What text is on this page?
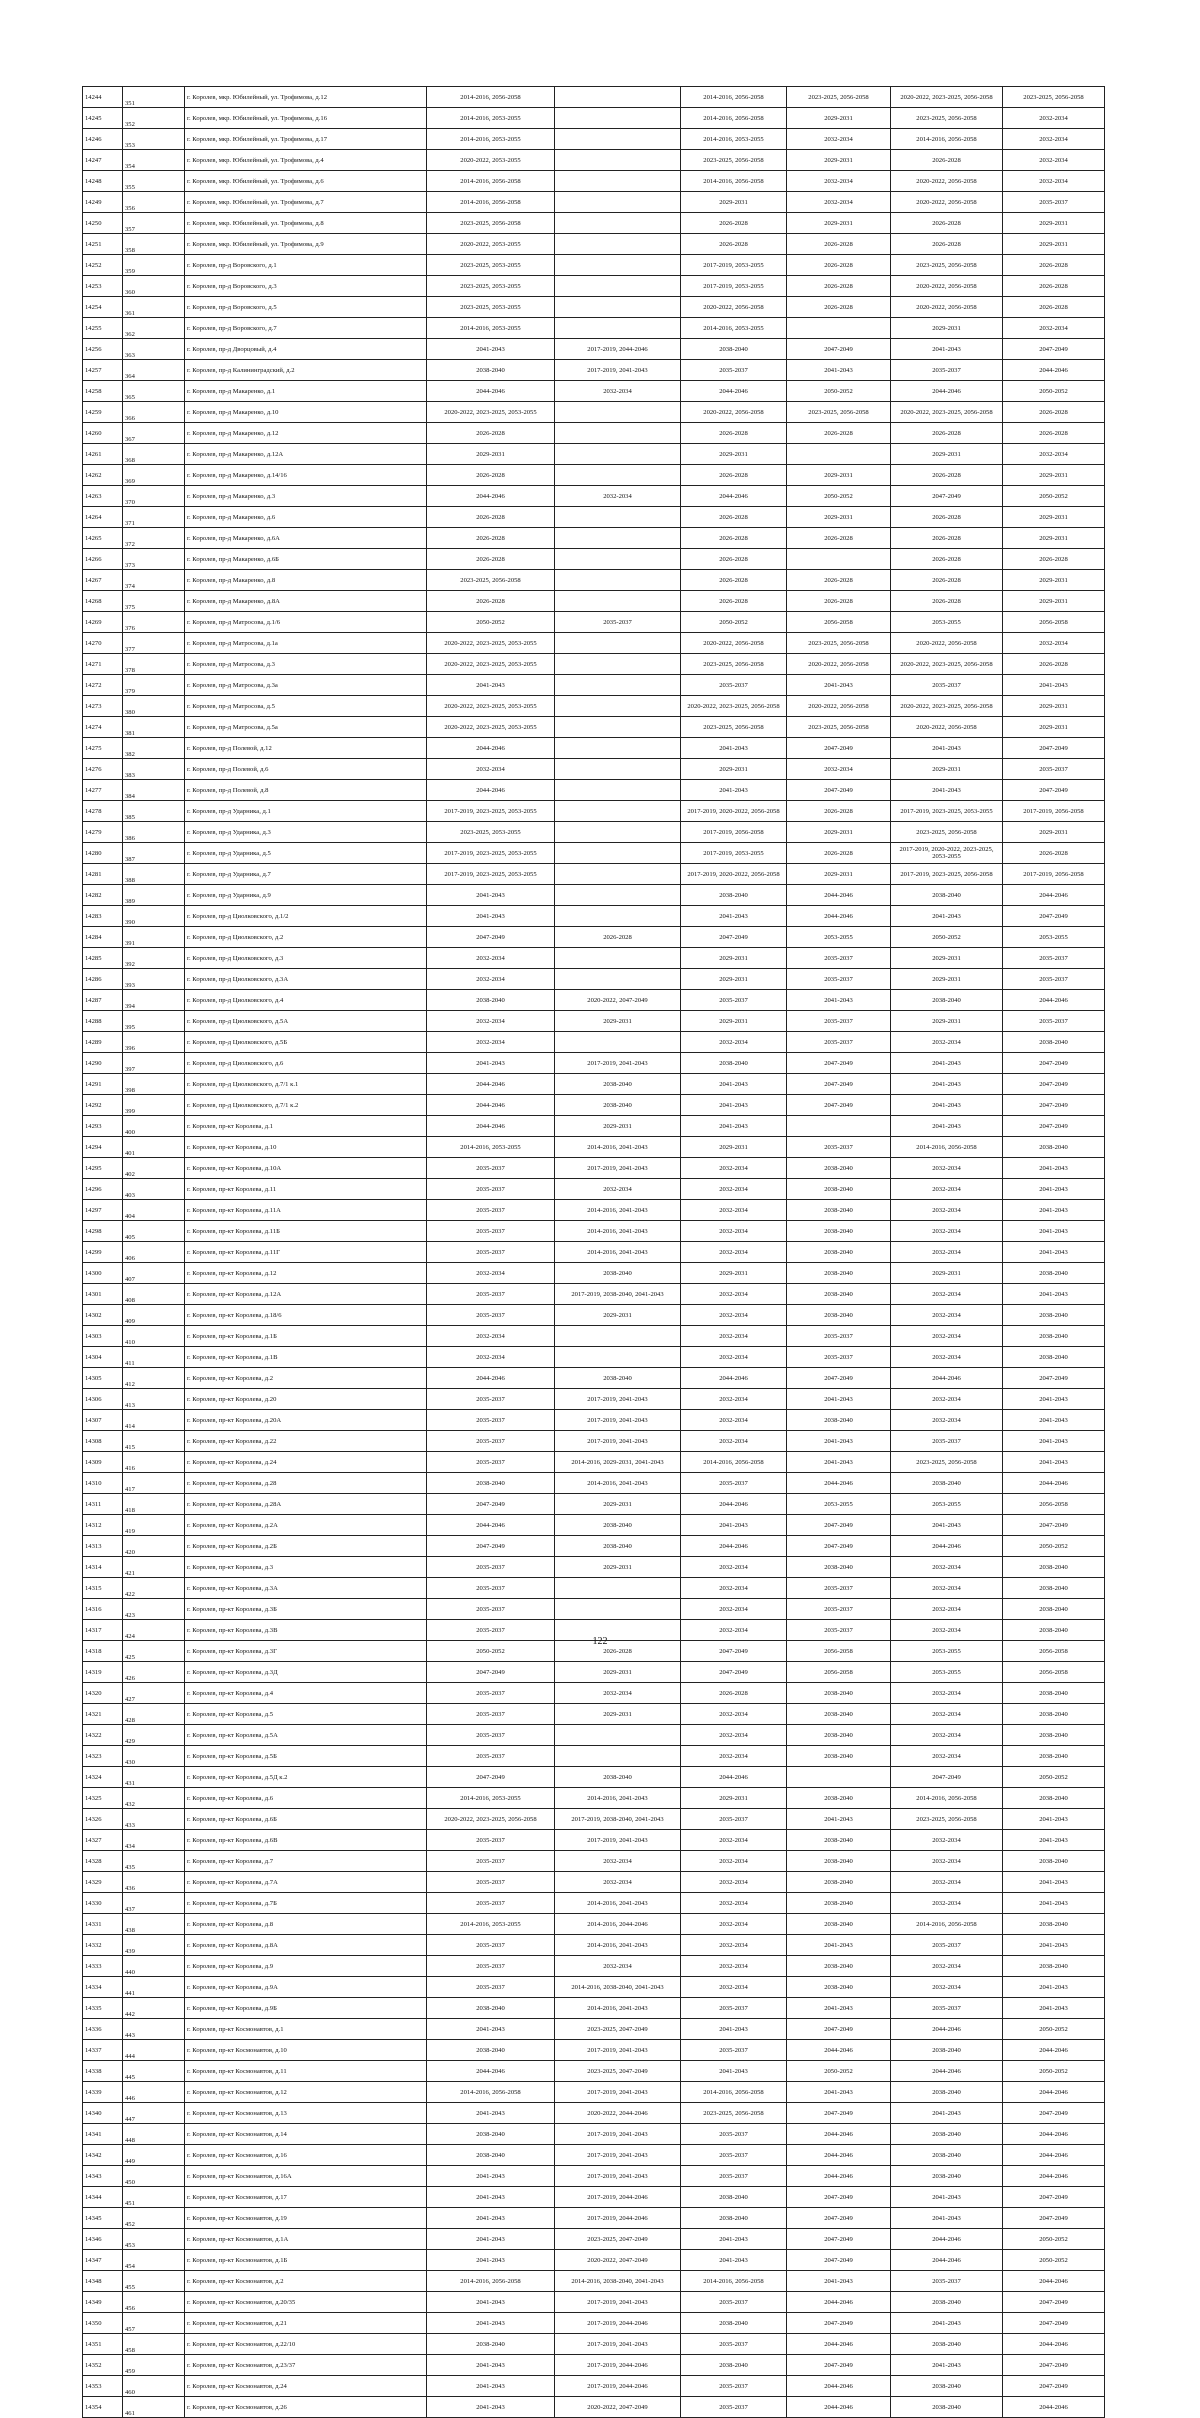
14244	351	г. Королев, мкр. Юбилейный, ул. Трофимова, д.12	2014-2016, 2056-2058		2014-2016, 2056-2058	2023-2025, 2056-2058	2020-2022, 2023-2025, 2056-2058	2023-2025, 2056-2058
14245	352	г. Королев, мкр. Юбилейный, ул. Трофимова, д.16	2014-2016, 2053-2055		2014-2016, 2056-2058	2029-2031	2023-2025, 2056-2058	2032-2034
14246	353	г. Королев, мкр. Юбилейный, ул. Трофимова, д.17	2014-2016, 2053-2055		2014-2016, 2053-2055	2032-2034	2014-2016, 2056-2058	2032-2034
14247	354	г. Королев, мкр. Юбилейный, ул. Трофимова, д.4	2020-2022, 2053-2055		2023-2025, 2056-2058	2029-2031	2026-2028	2032-2034
14248	355	г. Королев, мкр. Юбилейный, ул. Трофимова, д.6	2014-2016, 2056-2058		2014-2016, 2056-2058	2032-2034	2020-2022, 2056-2058	2032-2034
14249	356	г. Королев, мкр. Юбилейный, ул. Трофимова, д.7	2014-2016, 2056-2058		2029-2031	2032-2034	2020-2022, 2056-2058	2035-2037
14250	357	г. Королев, мкр. Юбилейный, ул. Трофимова, д.8	2023-2025, 2056-2058		2026-2028	2029-2031	2026-2028	2029-2031
14251	358	г. Королев, мкр. Юбилейный, ул. Трофимова, д.9	2020-2022, 2053-2055		2026-2028	2026-2028	2026-2028	2029-2031
14252	359	г. Королев, пр-д Воровского, д.1	2023-2025, 2053-2055		2017-2019, 2053-2055	2026-2028	2023-2025, 2056-2058	2026-2028
14253	360	г. Королев, пр-д Воровского, д.3	2023-2025, 2053-2055		2017-2019, 2053-2055	2026-2028	2020-2022, 2056-2058	2026-2028
14254	361	г. Королев, пр-д Воровского, д.5	2023-2025, 2053-2055		2020-2022, 2056-2058	2026-2028	2020-2022, 2056-2058	2026-2028
14255	362	г. Королев, пр-д Воровского, д.7	2014-2016, 2053-2055		2014-2016, 2053-2055		2029-2031	2032-2034
14256	363	г. Королев, пр-д Дворцовый, д.4	2041-2043	2017-2019, 2044-2046	2038-2040	2047-2049	2041-2043	2047-2049
14257	364	г. Королев, пр-д Калининградский, д.2	2038-2040	2017-2019, 2041-2043	2035-2037	2041-2043	2035-2037	2044-2046
14258	365	г. Королев, пр-д Макаренко, д.1	2044-2046	2032-2034	2044-2046	2050-2052	2044-2046	2050-2052
14259	366	г. Королев, пр-д Макаренко, д.10	2020-2022, 2023-2025, 2053-2055		2020-2022, 2056-2058	2023-2025, 2056-2058	2020-2022, 2023-2025, 2056-2058	2026-2028
14260	367	г. Королев, пр-д Макаренко, д.12	2026-2028		2026-2028	2026-2028	2026-2028	2026-2028
14261	368	г. Королев, пр-д Макаренко, д.12А	2029-2031		2029-2031		2029-2031	2032-2034
14262	369	г. Королев, пр-д Макаренко, д.14/16	2026-2028		2026-2028	2029-2031	2026-2028	2029-2031
14263	370	г. Королев, пр-д Макаренко, д.3	2044-2046	2032-2034	2044-2046	2050-2052	2047-2049	2050-2052
14264	371	г. Королев, пр-д Макаренко, д.6	2026-2028		2026-2028	2029-2031	2026-2028	2029-2031
14265	372	г. Королев, пр-д Макаренко, д.6А	2026-2028		2026-2028	2026-2028	2026-2028	2029-2031
14266	373	г. Королев, пр-д Макаренко, д.6Б	2026-2028		2026-2028		2026-2028	2026-2028
14267	374	г. Королев, пр-д Макаренко, д.8	2023-2025, 2056-2058		2026-2028	2026-2028	2026-2028	2029-2031
14268	375	г. Королев, пр-д Макаренко, д.8А	2026-2028		2026-2028	2026-2028	2026-2028	2029-2031
14269	376	г. Королев, пр-д Матросова, д.1/6	2050-2052	2035-2037	2050-2052	2056-2058	2053-2055	2056-2058
14270	377	г. Королев, пр-д Матросова, д.1а	2020-2022, 2023-2025, 2053-2055		2020-2022, 2056-2058	2023-2025, 2056-2058	2020-2022, 2056-2058	2032-2034
14271	378	г. Королев, пр-д Матросова, д.3	2020-2022, 2023-2025, 2053-2055		2023-2025, 2056-2058	2020-2022, 2056-2058	2020-2022, 2023-2025, 2056-2058	2026-2028
14272	379	г. Королев, пр-д Матросова, д.3а	2041-2043		2035-2037	2041-2043	2035-2037	2041-2043
14273	380	г. Королев, пр-д Матросова, д.5	2020-2022, 2023-2025, 2053-2055		2020-2022, 2023-2025, 2056-2058	2020-2022, 2056-2058	2020-2022, 2023-2025, 2056-2058	2029-2031
14274	381	г. Королев, пр-д Матросова, д.5а	2020-2022, 2023-2025, 2053-2055		2023-2025, 2056-2058	2023-2025, 2056-2058	2020-2022, 2056-2058	2029-2031
14275	382	г. Королев, пр-д Полевой, д.12	2044-2046		2041-2043	2047-2049	2041-2043	2047-2049
14276	383	г. Королев, пр-д Полевой, д.6	2032-2034		2029-2031	2032-2034	2029-2031	2035-2037
14277	384	г. Королев, пр-д Полевой, д.8	2044-2046		2041-2043	2047-2049	2041-2043	2047-2049
14278	385	г. Королев, пр-д Ударника, д.1	2017-2019, 2023-2025, 2053-2055		2017-2019, 2020-2022, 2056-2058	2026-2028	2017-2019, 2023-2025, 2053-2055	2017-2019, 2056-2058
14279	386	г. Королев, пр-д Ударника, д.3	2023-2025, 2053-2055		2017-2019, 2056-2058	2029-2031	2023-2025, 2056-2058	2029-2031
14280	387	г. Королев, пр-д Ударника, д.5	2017-2019, 2023-2025, 2053-2055		2017-2019, 2053-2055	2026-2028	2017-2019, 2020-2022, 2023-2025, 2053-2055	2026-2028
14281	388	г. Королев, пр-д Ударника, д.7	2017-2019, 2023-2025, 2053-2055		2017-2019, 2020-2022, 2056-2058	2029-2031	2017-2019, 2023-2025, 2056-2058	2017-2019, 2056-2058
14282	389	г. Королев, пр-д Ударника, д.9	2041-2043		2038-2040	2044-2046	2038-2040	2044-2046
14283	390	г. Королев, пр-д Циолковского, д.1/2	2041-2043		2041-2043	2044-2046	2041-2043	2047-2049
14284	391	г. Королев, пр-д Циолковского, д.2	2047-2049	2026-2028	2047-2049	2053-2055	2050-2052	2053-2055
14285	392	г. Королев, пр-д Циолковского, д.3	2032-2034		2029-2031	2035-2037	2029-2031	2035-2037
14286	393	г. Королев, пр-д Циолковского, д.3А	2032-2034		2029-2031	2035-2037	2029-2031	2035-2037
14287	394	г. Королев, пр-д Циолковского, д.4	2038-2040	2020-2022, 2047-2049	2035-2037	2041-2043	2038-2040	2044-2046
14288	395	г. Королев, пр-д Циолковского, д.5А	2032-2034	2029-2031	2029-2031	2035-2037	2029-2031	2035-2037
14289	396	г. Королев, пр-д Циолковского, д.5Б	2032-2034		2032-2034	2035-2037	2032-2034	2038-2040
14290	397	г. Королев, пр-д Циолковского, д.6	2041-2043	2017-2019, 2041-2043	2038-2040	2047-2049	2041-2043	2047-2049
14291	398	г. Королев, пр-д Циолковского, д.7/1 к.1	2044-2046	2038-2040	2041-2043	2047-2049	2041-2043	2047-2049
14292	399	г. Королев, пр-д Циолковского, д.7/1 к.2	2044-2046	2038-2040	2041-2043	2047-2049	2041-2043	2047-2049
14293	400	г. Королев, пр-кт Королева, д.1	2044-2046	2029-2031	2041-2043		2041-2043	2047-2049
14294	401	г. Королев, пр-кт Королева, д.10	2014-2016, 2053-2055	2014-2016, 2041-2043	2029-2031	2035-2037	2014-2016, 2056-2058	2038-2040
14295	402	г. Королев, пр-кт Королева, д.10А	2035-2037	2017-2019, 2041-2043	2032-2034	2038-2040	2032-2034	2041-2043
14296	403	г. Королев, пр-кт Королева, д.11	2035-2037	2032-2034	2032-2034	2038-2040	2032-2034	2041-2043
14297	404	г. Королев, пр-кт Королева, д.11А	2035-2037	2014-2016, 2041-2043	2032-2034	2038-2040	2032-2034	2041-2043
14298	405	г. Королев, пр-кт Королева, д.11Б	2035-2037	2014-2016, 2041-2043	2032-2034	2038-2040	2032-2034	2041-2043
14299	406	г. Королев, пр-кт Королева, д.11Г	2035-2037	2014-2016, 2041-2043	2032-2034	2038-2040	2032-2034	2041-2043
14300	407	г. Королев, пр-кт Королева, д.12	2032-2034	2038-2040	2029-2031	2038-2040	2029-2031	2038-2040
14301	408	г. Королев, пр-кт Королева, д.12А	2035-2037	2017-2019, 2038-2040, 2041-2043	2032-2034	2038-2040	2032-2034	2041-2043
14302	409	г. Королев, пр-кт Королева, д.18/6	2035-2037	2029-2031	2032-2034	2038-2040	2032-2034	2038-2040
14303	410	г. Королев, пр-кт Королева, д.1Б	2032-2034		2032-2034	2035-2037	2032-2034	2038-2040
14304	411	г. Королев, пр-кт Королева, д.1В	2032-2034		2032-2034	2035-2037	2032-2034	2038-2040
14305	412	г. Королев, пр-кт Королева, д.2	2044-2046	2038-2040	2044-2046	2047-2049	2044-2046	2047-2049
14306	413	г. Королев, пр-кт Королева, д.20	2035-2037	2017-2019, 2041-2043	2032-2034	2041-2043	2032-2034	2041-2043
14307	414	г. Королев, пр-кт Королева, д.20А	2035-2037	2017-2019, 2041-2043	2032-2034	2038-2040	2032-2034	2041-2043
14308	415	г. Королев, пр-кт Королева, д.22	2035-2037	2017-2019, 2041-2043	2032-2034	2041-2043	2035-2037	2041-2043
14309	416	г. Королев, пр-кт Королева, д.24	2035-2037	2014-2016, 2029-2031, 2041-2043	2014-2016, 2056-2058	2041-2043	2023-2025, 2056-2058	2041-2043
14310	417	г. Королев, пр-кт Королева, д.28	2038-2040	2014-2016, 2041-2043	2035-2037	2044-2046	2038-2040	2044-2046
14311	418	г. Королев, пр-кт Королева, д.28А	2047-2049	2029-2031	2044-2046	2053-2055	2053-2055	2056-2058
14312	419	г. Королев, пр-кт Королева, д.2А	2044-2046	2038-2040	2041-2043	2047-2049	2041-2043	2047-2049
14313	420	г. Королев, пр-кт Королева, д.2Б	2047-2049	2038-2040	2044-2046	2047-2049	2044-2046	2050-2052
14314	421	г. Королев, пр-кт Королева, д.3	2035-2037	2029-2031	2032-2034	2038-2040	2032-2034	2038-2040
14315	422	г. Королев, пр-кт Королева, д.3А	2035-2037		2032-2034	2035-2037	2032-2034	2038-2040
14316	423	г. Королев, пр-кт Королева, д.3Б	2035-2037		2032-2034	2035-2037	2032-2034	2038-2040
14317	424	г. Королев, пр-кт Королева, д.3В	2035-2037		2032-2034	2035-2037	2032-2034	2038-2040
14318	425	г. Королев, пр-кт Королева, д.3Г	2050-2052	2026-2028	2047-2049	2056-2058	2053-2055	2056-2058
14319	426	г. Королев, пр-кт Королева, д.3Д	2047-2049	2029-2031	2047-2049	2056-2058	2053-2055	2056-2058
14320	427	г. Королев, пр-кт Королева, д.4	2035-2037	2032-2034	2026-2028	2038-2040	2032-2034	2038-2040
14321	428	г. Королев, пр-кт Королева, д.5	2035-2037	2029-2031	2032-2034	2038-2040	2032-2034	2038-2040
14322	429	г. Королев, пр-кт Королева, д.5А	2035-2037		2032-2034	2038-2040	2032-2034	2038-2040
14323	430	г. Королев, пр-кт Королева, д.5Б	2035-2037		2032-2034	2038-2040	2032-2034	2038-2040
14324	431	г. Королев, пр-кт Королева, д.5Д к.2	2047-2049	2038-2040	2044-2046		2047-2049	2050-2052
14325	432	г. Королев, пр-кт Королева, д.6	2014-2016, 2053-2055	2014-2016, 2041-2043	2029-2031	2038-2040	2014-2016, 2056-2058	2038-2040
14326	433	г. Королев, пр-кт Королева, д.6Б	2020-2022, 2023-2025, 2056-2058	2017-2019, 2038-2040, 2041-2043	2035-2037	2041-2043	2023-2025, 2056-2058	2041-2043
14327	434	г. Королев, пр-кт Королева, д.6В	2035-2037	2017-2019, 2041-2043	2032-2034	2038-2040	2032-2034	2041-2043
14328	435	г. Королев, пр-кт Королева, д.7	2035-2037	2032-2034	2032-2034	2038-2040	2032-2034	2038-2040
14329	436	г. Королев, пр-кт Королева, д.7А	2035-2037	2032-2034	2032-2034	2038-2040	2032-2034	2041-2043
14330	437	г. Королев, пр-кт Королева, д.7Б	2035-2037	2014-2016, 2041-2043	2032-2034	2038-2040	2032-2034	2041-2043
14331	438	г. Королев, пр-кт Королева, д.8	2014-2016, 2053-2055	2014-2016, 2044-2046	2032-2034	2038-2040	2014-2016, 2056-2058	2038-2040
14332	439	г. Королев, пр-кт Королева, д.8А	2035-2037	2014-2016, 2041-2043	2032-2034	2041-2043	2035-2037	2041-2043
14333	440	г. Королев, пр-кт Королева, д.9	2035-2037	2032-2034	2032-2034	2038-2040	2032-2034	2038-2040
14334	441	г. Королев, пр-кт Королева, д.9А	2035-2037	2014-2016, 2038-2040, 2041-2043	2032-2034	2038-2040	2032-2034	2041-2043
14335	442	г. Королев, пр-кт Королева, д.9Б	2038-2040	2014-2016, 2041-2043	2035-2037	2041-2043	2035-2037	2041-2043
14336	443	г. Королев, пр-кт Космонавтов, д.1	2041-2043	2023-2025, 2047-2049	2041-2043	2047-2049	2044-2046	2050-2052
14337	444	г. Королев, пр-кт Космонавтов, д.10	2038-2040	2017-2019, 2041-2043	2035-2037	2044-2046	2038-2040	2044-2046
14338	445	г. Королев, пр-кт Космонавтов, д.11	2044-2046	2023-2025, 2047-2049	2041-2043	2050-2052	2044-2046	2050-2052
14339	446	г. Королев, пр-кт Космонавтов, д.12	2014-2016, 2056-2058	2017-2019, 2041-2043	2014-2016, 2056-2058	2041-2043	2038-2040	2044-2046
14340	447	г. Королев, пр-кт Космонавтов, д.13	2041-2043	2020-2022, 2044-2046	2023-2025, 2056-2058	2047-2049	2041-2043	2047-2049
14341	448	г. Королев, пр-кт Космонавтов, д.14	2038-2040	2017-2019, 2041-2043	2035-2037	2044-2046	2038-2040	2044-2046
14342	449	г. Королев, пр-кт Космонавтов, д.16	2038-2040	2017-2019, 2041-2043	2035-2037	2044-2046	2038-2040	2044-2046
14343	450	г. Королев, пр-кт Космонавтов, д.16А	2041-2043	2017-2019, 2041-2043	2035-2037	2044-2046	2038-2040	2044-2046
14344	451	г. Королев, пр-кт Космонавтов, д.17	2041-2043	2017-2019, 2044-2046	2038-2040	2047-2049	2041-2043	2047-2049
14345	452	г. Королев, пр-кт Космонавтов, д.19	2041-2043	2017-2019, 2044-2046	2038-2040	2047-2049	2041-2043	2047-2049
14346	453	г. Королев, пр-кт Космонавтов, д.1А	2041-2043	2023-2025, 2047-2049	2041-2043	2047-2049	2044-2046	2050-2052
14347	454	г. Королев, пр-кт Космонавтов, д.1Б	2041-2043	2020-2022, 2047-2049	2041-2043	2047-2049	2044-2046	2050-2052
14348	455	г. Королев, пр-кт Космонавтов, д.2	2014-2016, 2056-2058	2014-2016, 2038-2040, 2041-2043	2014-2016, 2056-2058	2041-2043	2035-2037	2044-2046
14349	456	г. Королев, пр-кт Космонавтов, д.20/35	2041-2043	2017-2019, 2041-2043	2035-2037	2044-2046	2038-2040	2047-2049
14350	457	г. Королев, пр-кт Космонавтов, д.21	2041-2043	2017-2019, 2044-2046	2038-2040	2047-2049	2041-2043	2047-2049
14351	458	г. Королев, пр-кт Космонавтов, д.22/10	2038-2040	2017-2019, 2041-2043	2035-2037	2044-2046	2038-2040	2044-2046
14352	459	г. Королев, пр-кт Космонавтов, д.23/37	2041-2043	2017-2019, 2044-2046	2038-2040	2047-2049	2041-2043	2047-2049
14353	460	г. Королев, пр-кт Космонавтов, д.24	2041-2043	2017-2019, 2044-2046	2035-2037	2044-2046	2038-2040	2047-2049
14354	461	г. Королев, пр-кт Космонавтов, д.26	2041-2043	2020-2022, 2047-2049	2035-2037	2044-2046	2038-2040	2044-2046
122
